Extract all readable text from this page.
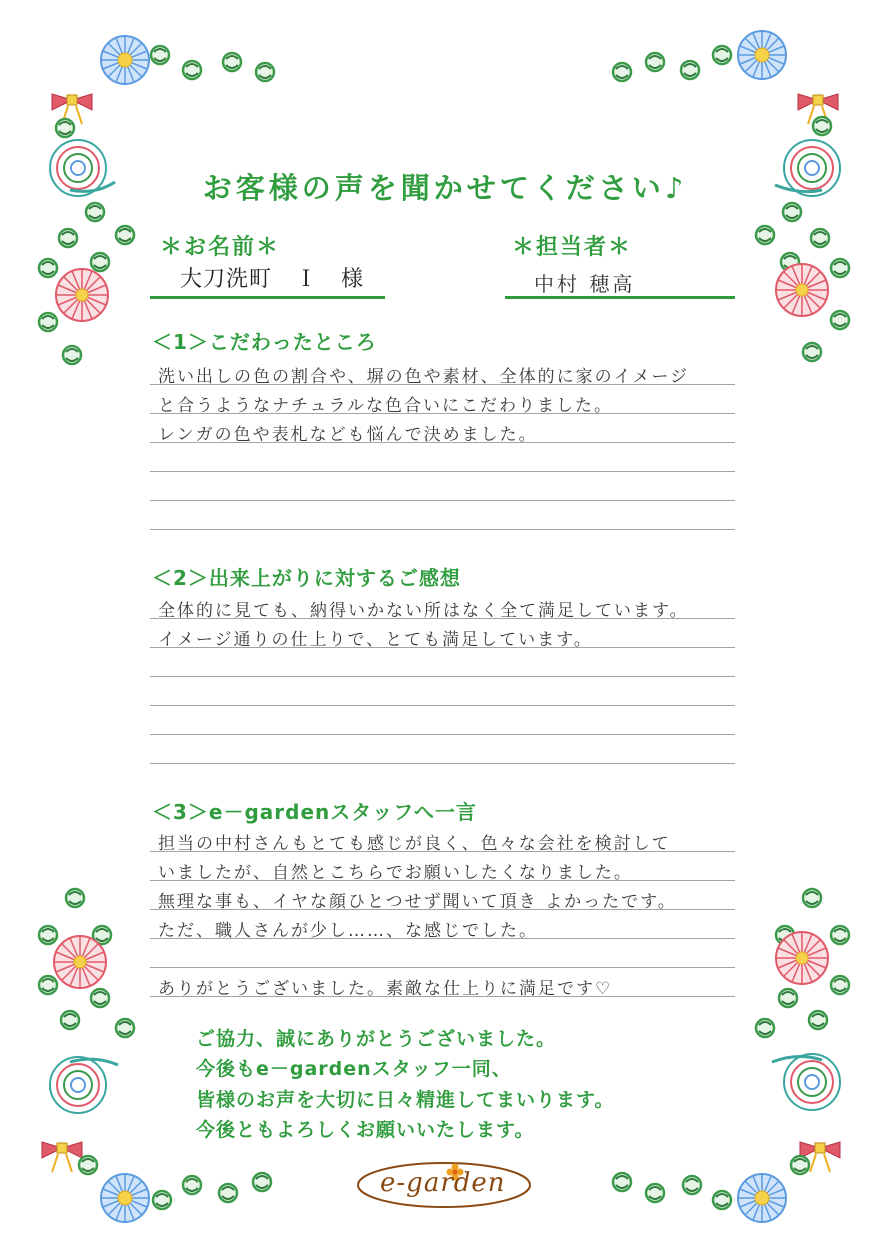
お客様の声を聞かせてください♪
＊お名前＊
大刀洗町　Ｉ　様
＊担当者＊
中村 穂高
＜1＞こだわったところ
洗い出しの色の割合や、塀の色や素材、全体的に家のイメージ
と合うようなナチュラルな色合いにこだわりました。
レンガの色や表札なども悩んで決めました。
＜2＞出来上がりに対するご感想
全体的に見ても、納得いかない所はなく全て満足しています。
イメージ通りの仕上りで、とても満足しています。
＜3＞e－gardenスタッフへ一言
担当の中村さんもとても感じが良く、色々な会社を検討して
いましたが、自然とこちらでお願いしたくなりました。
無理な事も、イヤな顔ひとつせず聞いて頂き よかったです。
ただ、職人さんが少し……、な感じでした。
ありがとうございました。素敵な仕上りに満足です♡
ご協力、誠にありがとうございました。
今後もe－gardenスタッフ一同、
皆様のお声を大切に日々精進してまいります。
今後ともよろしくお願いいたします。
e-garden
